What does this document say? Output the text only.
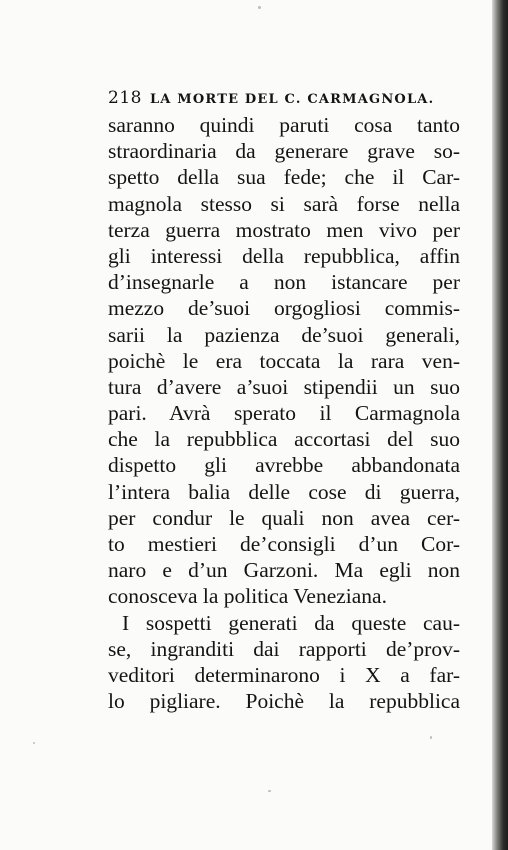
218 LA MORTE DEL C. CARMAGNOLA.
saranno quindi paruti cosa tanto
straordinaria da generare grave so-
spetto della sua fede; che il Car-
magnola stesso si sarà forse nella
terza guerra mostrato men vivo per
gli interessi della repubblica, affin
d’insegnarle a non istancare per
mezzo de’suoi orgogliosi commis-
sarii la pazienza de’suoi generali,
poichè le era toccata la rara ven-
tura d’avere a’suoi stipendii un suo
pari. Avrà sperato il Carmagnola
che la repubblica accortasi del suo
dispetto gli avrebbe abbandonata
l’intera balia delle cose di guerra,
per condur le quali non avea cer-
to mestieri de’consigli d’un Cor-
naro e d’un Garzoni. Ma egli non
conosceva la politica Veneziana.
I sospetti generati da queste cau-
se, ingranditi dai rapporti de’prov-
veditori determinarono i X a far-
lo pigliare. Poichè la repubblica
